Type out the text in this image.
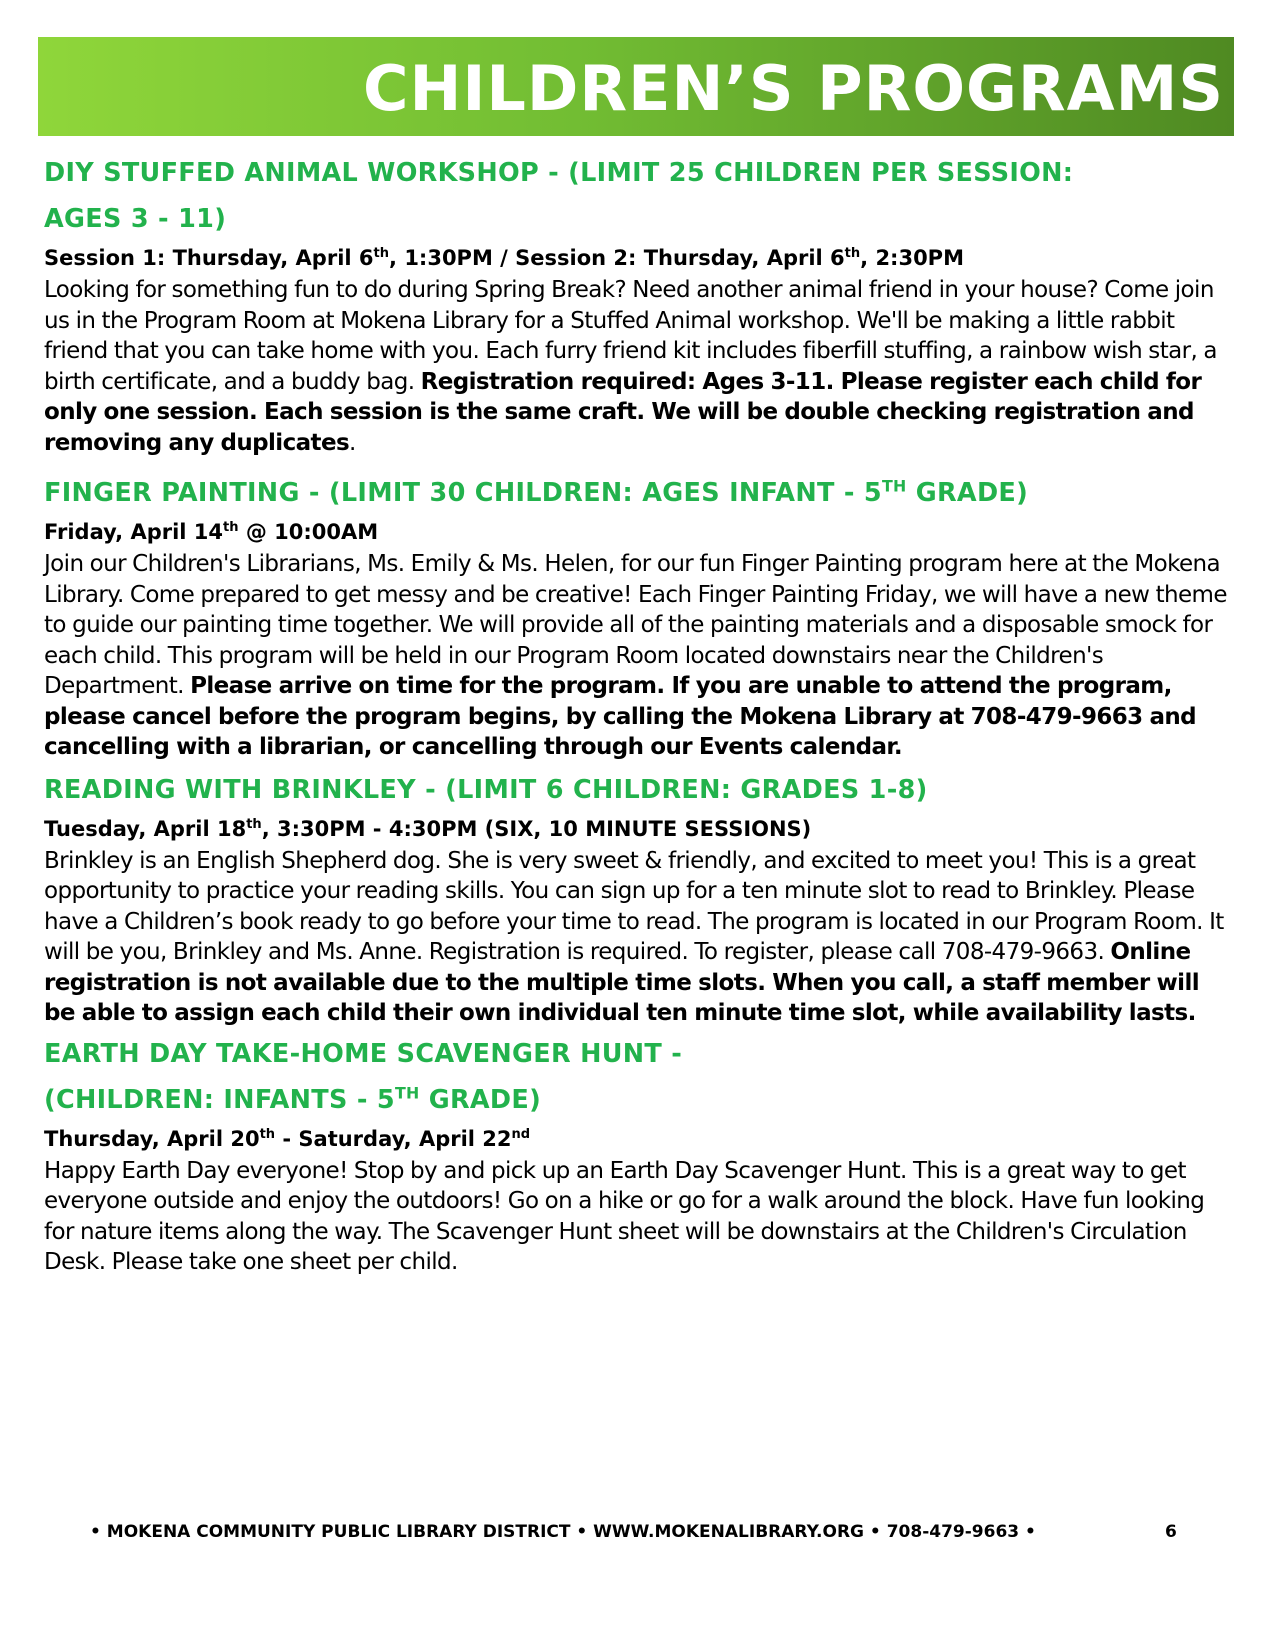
CHILDREN’S PROGRAMS

DIY STUFFED ANIMAL WORKSHOP - (LIMIT 25 CHILDREN PER SESSION:
AGES 3 - 11)

Session 1: Thursday, April 6th, 1:30PM / Session 2: Thursday, April 6th, 2:30PM

Looking for something fun to do during Spring Break? Need another animal friend in your house? Come join us in the Program Room at Mokena Library for a Stuffed Animal workshop. We'll be making a little rabbit friend that you can take home with you. Each furry friend kit includes fiberfill stuffing, a rainbow wish star, a birth certificate, and a buddy bag. Registration required: Ages 3-11. Please register each child for only one session. Each session is the same craft. We will be double checking registration and removing any duplicates.

FINGER PAINTING - (LIMIT 30 CHILDREN: AGES INFANT - 5TH GRADE)

Friday, April 14th @ 10:00AM

Join our Children's Librarians, Ms. Emily & Ms. Helen, for our fun Finger Painting program here at the Mokena Library. Come prepared to get messy and be creative! Each Finger Painting Friday, we will have a new theme to guide our painting time together. We will provide all of the painting materials and a disposable smock for each child. This program will be held in our Program Room located downstairs near the Children's Department. Please arrive on time for the program. If you are unable to attend the program, please cancel before the program begins, by calling the Mokena Library at 708-479-9663 and cancelling with a librarian, or cancelling through our Events calendar.

READING WITH BRINKLEY - (LIMIT 6 CHILDREN: GRADES 1-8)

Tuesday, April 18th, 3:30PM - 4:30PM (SIX, 10 MINUTE SESSIONS)

Brinkley is an English Shepherd dog. She is very sweet & friendly, and excited to meet you! This is a great opportunity to practice your reading skills. You can sign up for a ten minute slot to read to Brinkley. Please have a Children’s book ready to go before your time to read. The program is located in our Program Room. It will be you, Brinkley and Ms. Anne. Registration is required. To register, please call 708-479-9663. Online registration is not available due to the multiple time slots. When you call, a staff member will be able to assign each child their own individual ten minute time slot, while availability lasts.

EARTH DAY TAKE-HOME SCAVENGER HUNT -
(CHILDREN: INFANTS - 5TH GRADE)

Thursday, April 20th - Saturday, April 22nd

Happy Earth Day everyone! Stop by and pick up an Earth Day Scavenger Hunt. This is a great way to get everyone outside and enjoy the outdoors! Go on a hike or go for a walk around the block. Have fun looking for nature items along the way. The Scavenger Hunt sheet will be downstairs at the Children's Circulation Desk. Please take one sheet per child.

• MOKENA COMMUNITY PUBLIC LIBRARY DISTRICT • WWW.MOKENALIBRARY.ORG • 708-479-9663 •	6
